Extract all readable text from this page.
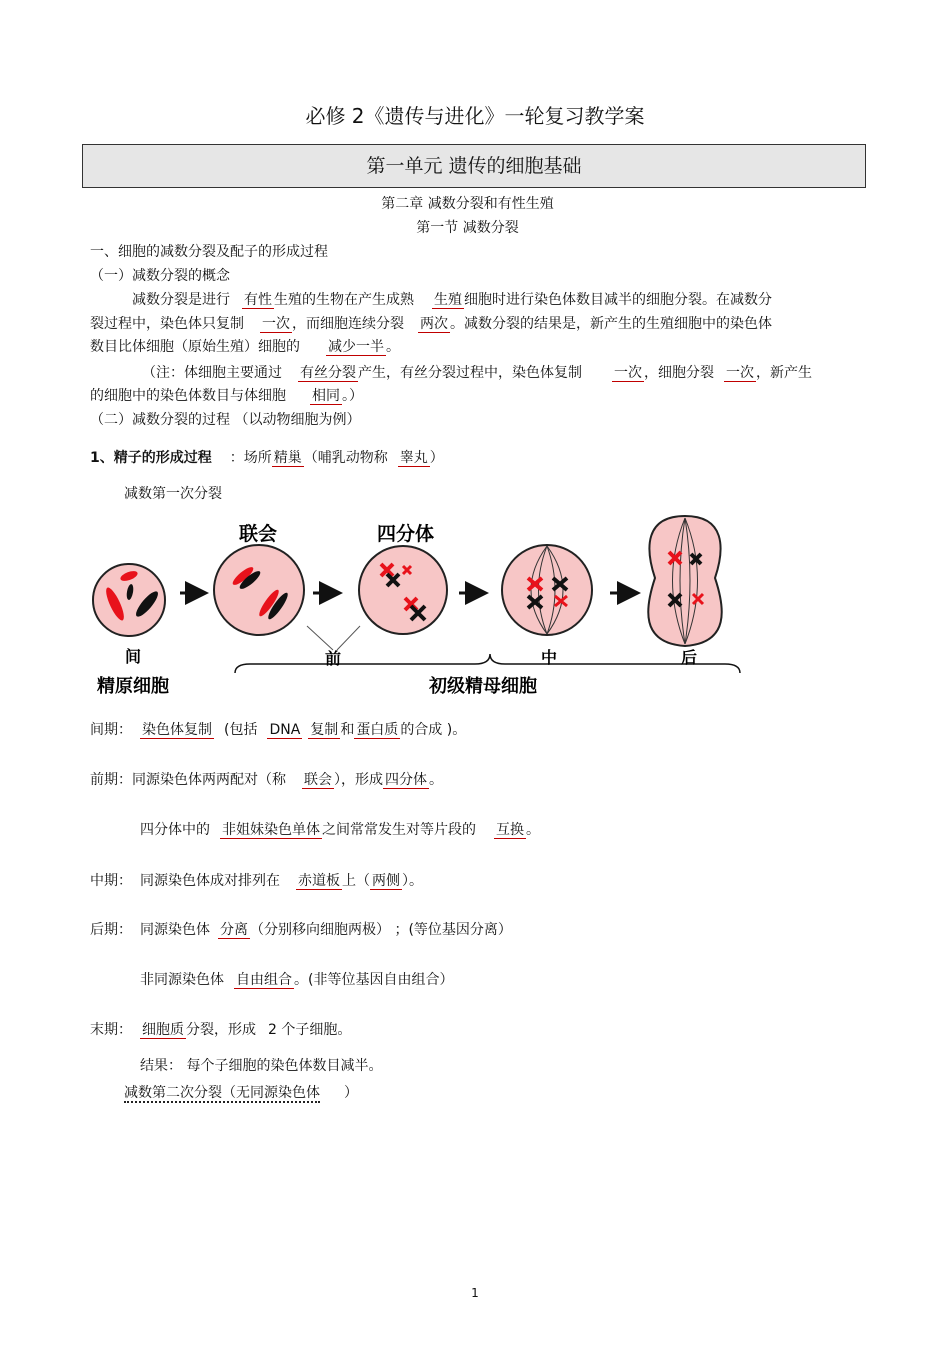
必修 2《遗传与进化》一轮复习教学案
第一单元 遗传的细胞基础
第二章 减数分裂和有性生殖
第一节 减数分裂
一、细胞的减数分裂及配子的形成过程
（一）减数分裂的概念
减数分裂是进行 有性 生殖的生物在产生成熟 生殖 细胞时进行染色体数目减半的细胞分裂。在减数分
裂过程中，染色体只复制 一次 ，而细胞连续分裂 两次 。减数分裂的结果是，新产生的生殖细胞中的染色体
数目比体细胞（原始生殖）细胞的 减少一半 。
（注：体细胞主要通过 有丝分裂 产生，有丝分裂过程中，染色体复制 一次 ，细胞分裂 一次 ，新产生
的细胞中的染色体数目与体细胞 相同 。）
（二）减数分裂的过程 （以动物细胞为例）
1、精子的形成过程 ：场所 精巢 （哺乳动物称 睾丸 ）
减数第一次分裂
联会	四分体
间	前	中	后
精原细胞	初级精母细胞
间期： 染色体复制 (包括 DNA 复制 和 蛋白质 的合成 )。
前期：同源染色体两两配对（称 联会 ），形成 四分体 。
四分体中的 非姐妹染色单体 之间常常发生对等片段的 互换 。
中期： 同源染色体成对排列在 赤道板 上（ 两侧 ）。
后期： 同源染色体 分离 （分别移向细胞两极） ；(等位基因分离）
非同源染色体 自由组合 。(非等位基因自由组合）
末期： 细胞质 分裂，形成 2 个子细胞。
结果： 每个子细胞的染色体数目减半。
减数第二次分裂（无同源染色体 ）
1
